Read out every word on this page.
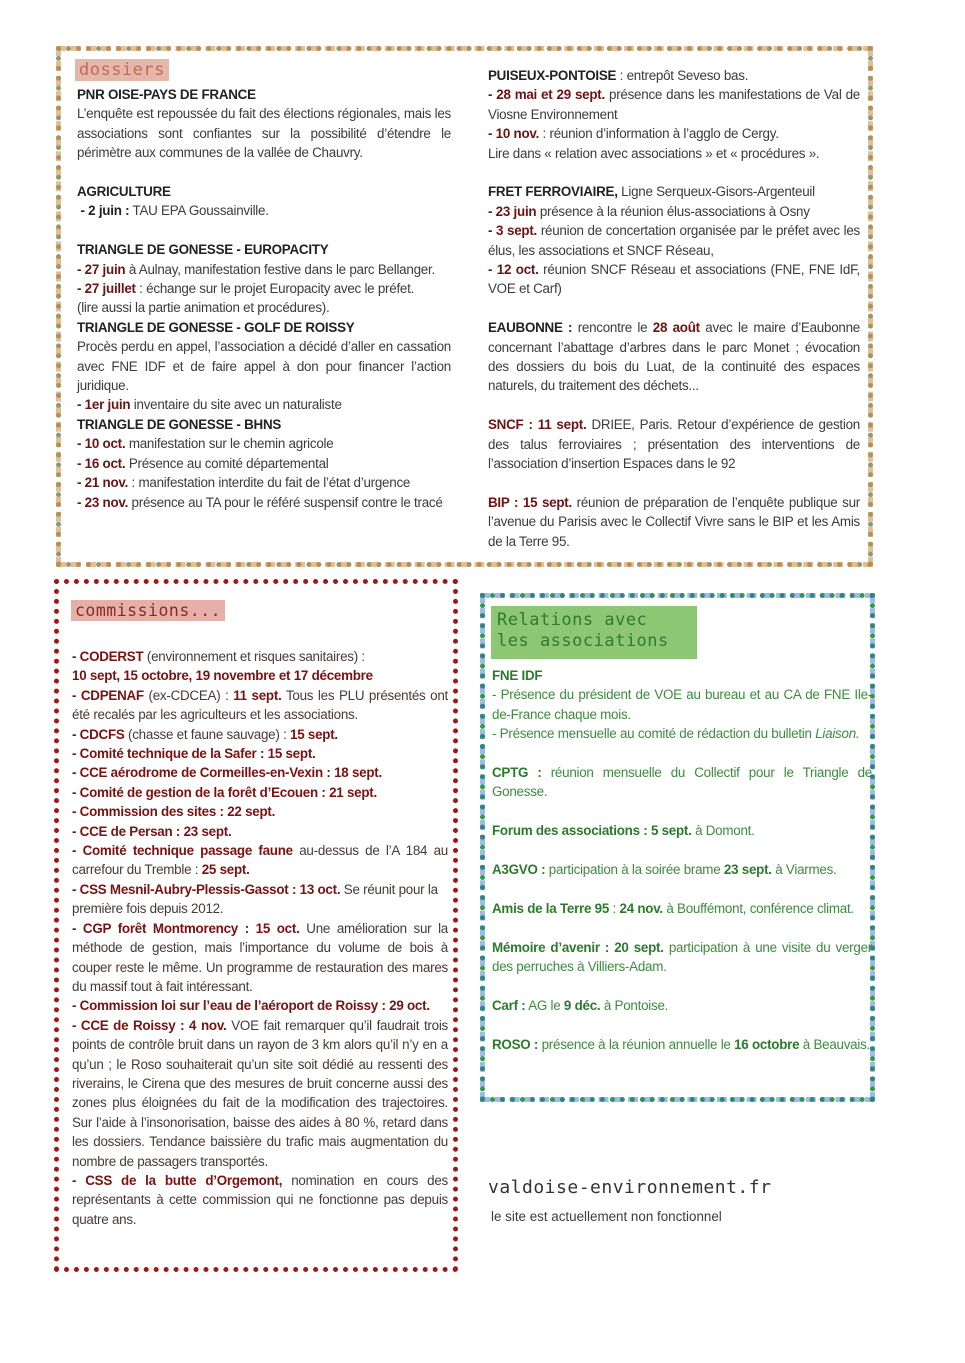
dossiers

PNR OISE-PAYS DE FRANCE

L’enquête est repoussée du fait des élections régionales, mais les associations sont confiantes sur la possibilité d’étendre le périmètre aux communes de la vallée de Chauvry.

AGRICULTURE

- 2 juin : TAU EPA Goussainville.

TRIANGLE DE GONESSE - EUROPACITY

- 27 juin à Aulnay, manifestation festive dans le parc Bellanger.

- 27 juillet : échange sur le projet Europacity avec le préfet.

(lire aussi la partie animation et procédures).

TRIANGLE DE GONESSE - GOLF DE ROISSY

Procès perdu en appel, l’association a décidé d’aller en cassation avec FNE IDF et de faire appel à don pour financer l’action juridique.

- 1er juin inventaire du site avec un naturaliste

TRIANGLE DE GONESSE - BHNS

- 10 oct. manifestation sur le chemin agricole

- 16 oct. Présence au comité départemental

- 21 nov. : manifestation interdite du fait de l’état d’urgence

- 23 nov. présence au TA pour le référé suspensif contre le tracé

PUISEUX-PONTOISE : entrepôt Seveso bas.

- 28 mai et 29 sept. présence dans les manifestations de Val de Viosne Environnement

- 10 nov. : réunion d’information à l’agglo de Cergy.

Lire dans « relation avec associations » et « procédures ».

FRET FERROVIAIRE, Ligne Serqueux-Gisors-Argenteuil

- 23 juin présence à la réunion élus-associations à Osny

- 3 sept. réunion de concertation organisée par le préfet avec les élus, les associations et SNCF Réseau,

- 12 oct. réunion SNCF Réseau et associations (FNE, FNE IdF, VOE et Carf)

EAUBONNE : rencontre le 28 août avec le maire d’Eaubonne concernant l’abattage d’arbres dans le parc Monet ; évocation des dossiers du bois du Luat, de la continuité des espaces naturels, du traitement des déchets...

SNCF : 11 sept. DRIEE, Paris. Retour d’expérience de gestion des talus ferroviaires ; présentation des interventions de l’association d’insertion Espaces dans le 92

BIP : 15 sept. réunion de préparation de l’enquête publique sur l’avenue du Parisis avec le Collectif Vivre sans le BIP et les Amis de la Terre 95.

commissions...

- CODERST (environnement et risques sanitaires) :

10 sept, 15 octobre, 19 novembre et 17 décembre

- CDPENAF (ex-CDCEA) : 11 sept. Tous les PLU présentés ont été recalés par les agriculteurs et les associations.

- CDCFS (chasse et faune sauvage) : 15 sept.

- Comité technique de la Safer : 15 sept.

- CCE aérodrome de Cormeilles-en-Vexin : 18 sept.

- Comité de gestion de la forêt d’Ecouen : 21 sept.

- Commission des sites : 22 sept.

- CCE de Persan : 23 sept.

- Comité technique passage faune au-dessus de l’A 184 au carrefour du Tremble : 25 sept.

- CSS Mesnil-Aubry-Plessis-Gassot : 13 oct. Se réunit pour la première fois depuis 2012.

- CGP forêt Montmorency : 15 oct. Une amélioration sur la méthode de gestion, mais l’importance du volume de bois à couper reste le même. Un programme de restauration des mares du massif tout à fait intéressant.

- Commission loi sur l’eau de l’aéroport de Roissy : 29 oct.

- CCE de Roissy : 4 nov. VOE fait remarquer qu’il faudrait trois points de contrôle bruit dans un rayon de 3 km alors qu’il n’y en a qu’un ; le Roso souhaiterait qu’un site soit dédié au ressenti des riverains, le Cirena que des mesures de bruit concerne aussi des zones plus éloignées du fait de la modification des trajectoires. Sur l’aide à l’insonorisation, baisse des aides à 80 %, retard dans les dossiers. Tendance baissière du trafic mais augmentation du nombre de passagers transportés.

- CSS de la butte d’Orgemont, nomination en cours des représentants à cette commission qui ne fonctionne pas depuis quatre ans.

Relations avec
les associations

FNE IDF

- Présence du président de VOE au bureau et au CA de FNE Ile-de-France chaque mois.

- Présence mensuelle au comité de rédaction du bulletin Liaison.

CPTG : réunion mensuelle du Collectif pour le Triangle de Gonesse.

Forum des associations : 5 sept. à Domont.

A3GVO : participation à la soirée brame 23 sept. à Viarmes.

Amis de la Terre 95 : 24 nov. à Bouffémont, conférence climat.

Mémoire d’avenir : 20 sept. participation à une visite du verger des perruches à Villiers-Adam.

Carf : AG le 9 déc. à Pontoise.

ROSO : présence à la réunion annuelle le 16 octobre à Beauvais.

valdoise-environnement.fr
le site est actuellement non fonctionnel
